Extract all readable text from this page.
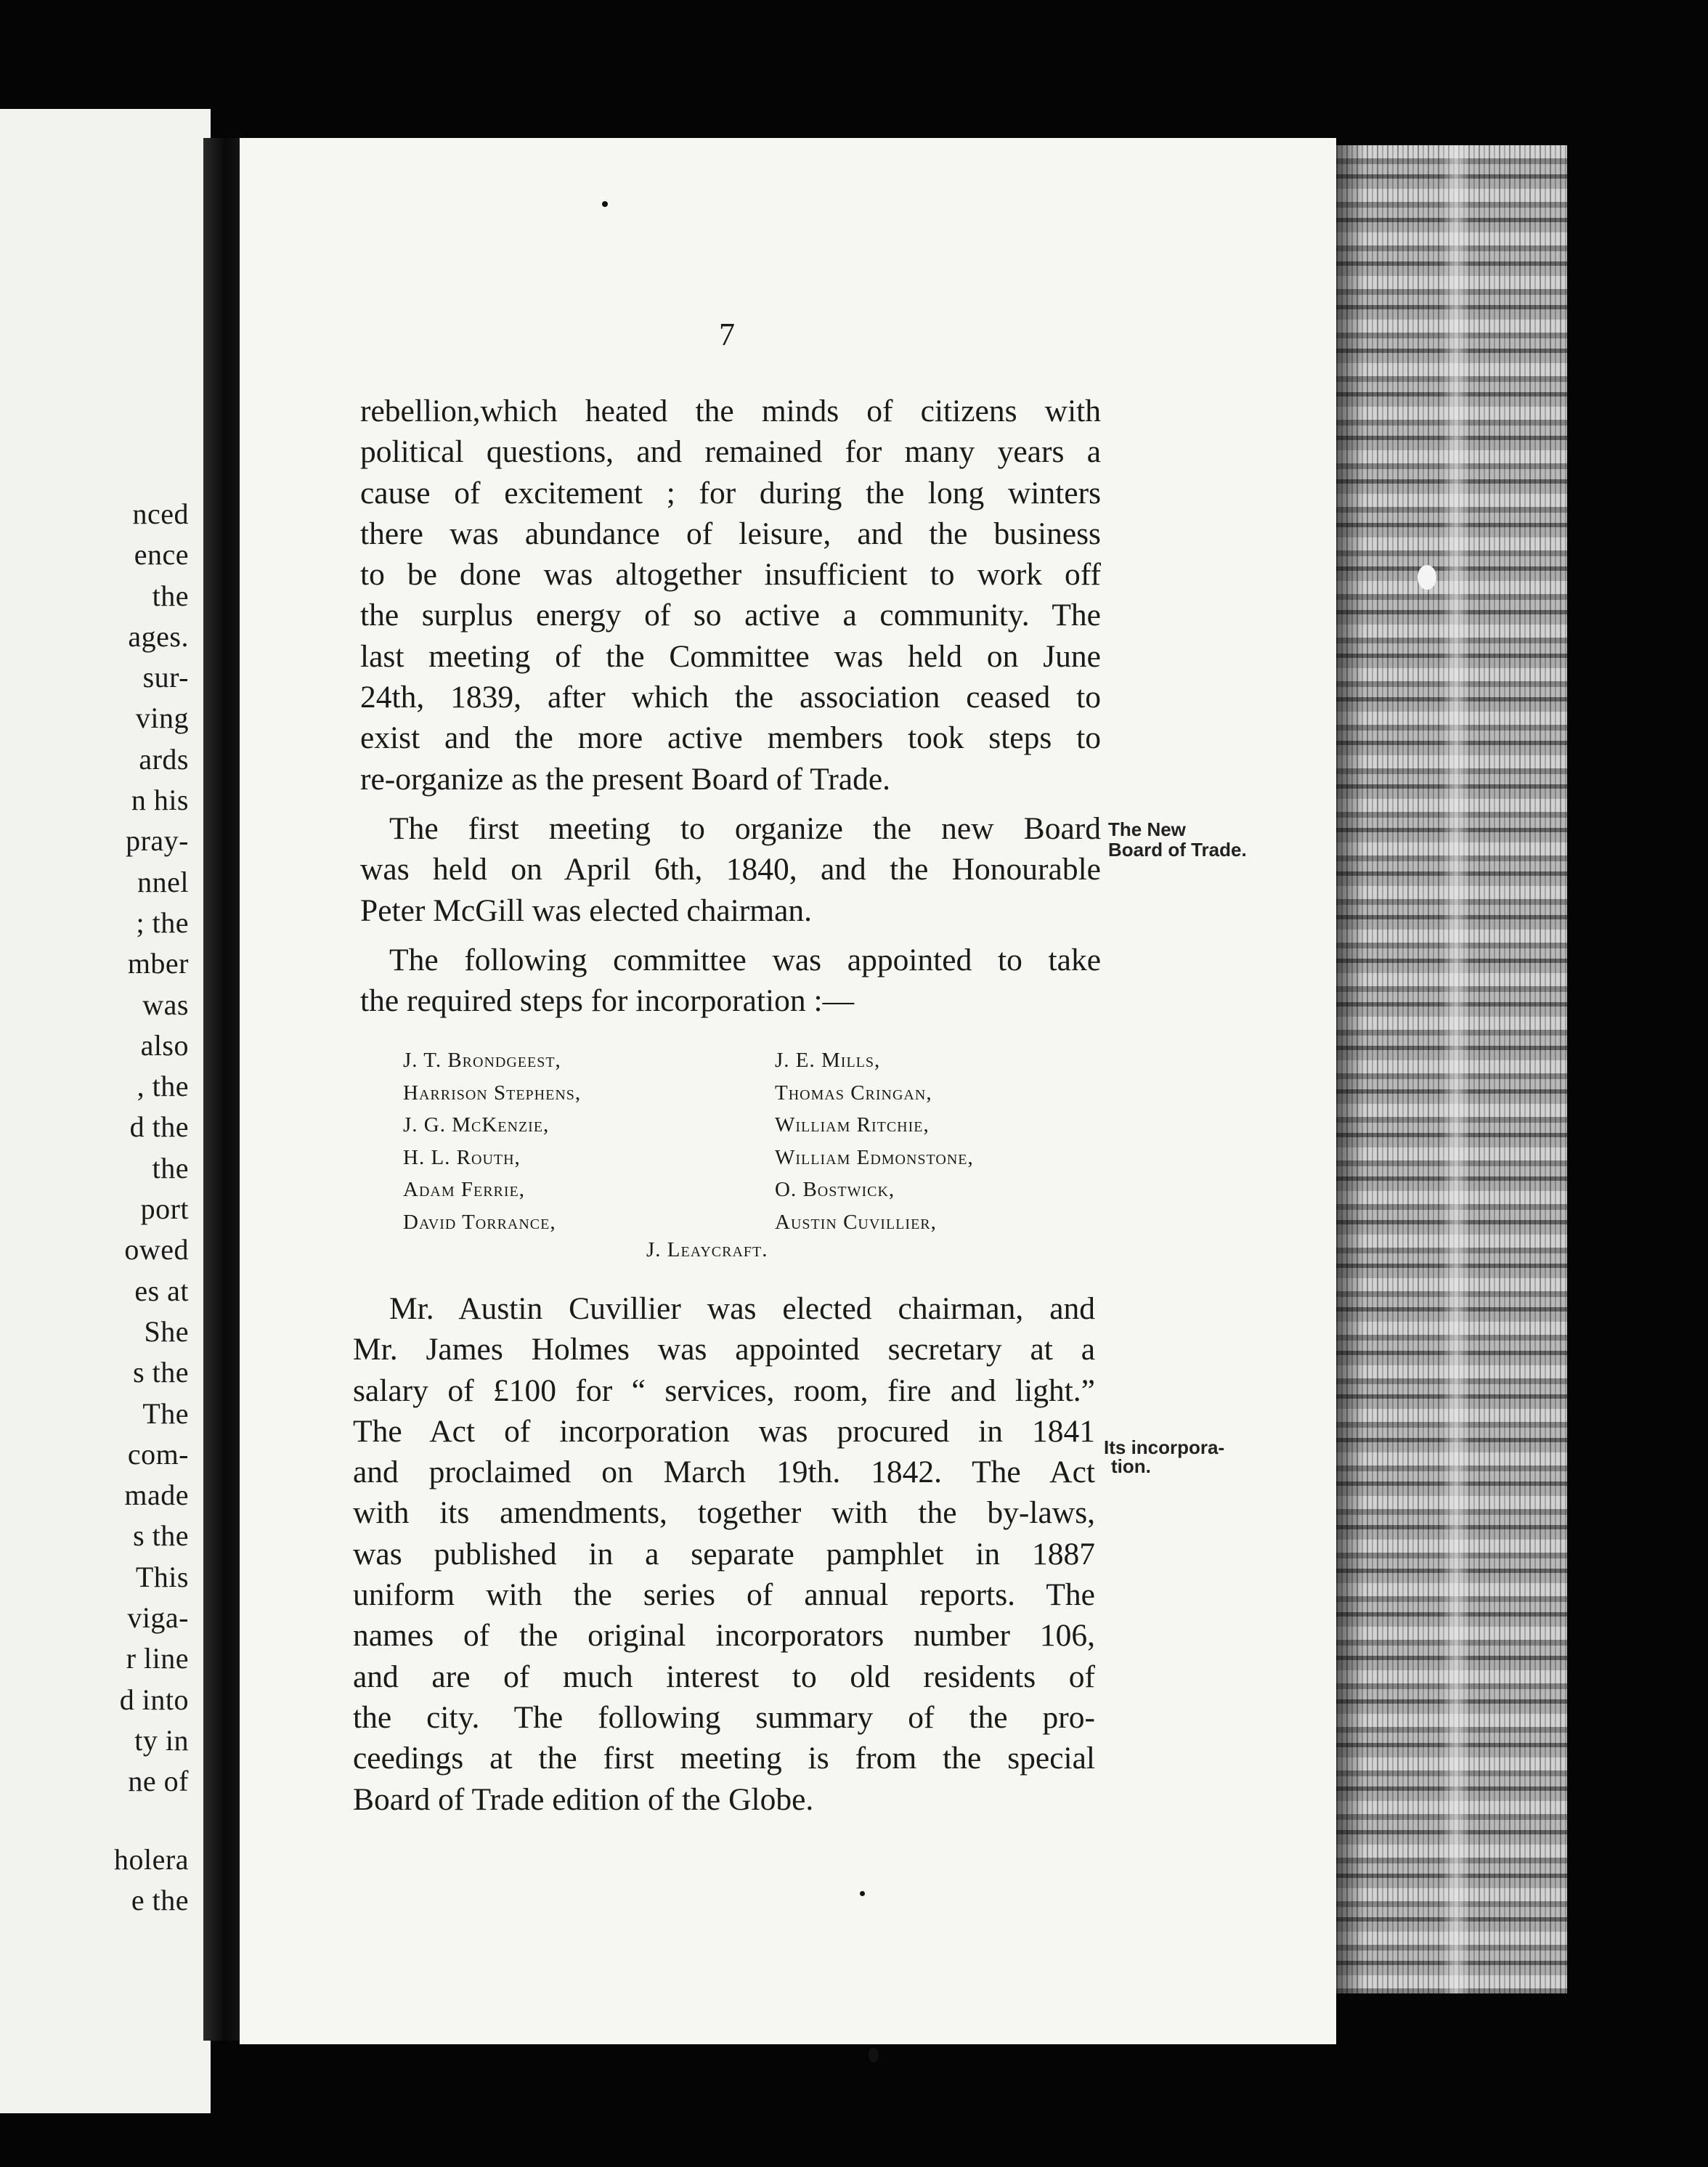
nced
ence
the
ages.
sur-
ving
ards
n his
pray-
nnel
; the
mber
was
also
, the
d the
the
port
owed
es at
She
s the
The
com-
made
s the
This
viga-
r line
d into
ty in
ne of
holera
e the
7
rebellion,which heated the minds of citizens with
political questions, and remained for many years a
cause of excitement ; for during the long winters
there was abundance of leisure, and the business
to be done was altogether insufficient to work off
the surplus energy of so active a community. The
last meeting of the Committee was held on June
24th, 1839, after which the association ceased to
exist and the more active members took steps to
re-organize as the present Board of Trade.
The first meeting to organize the new Board
was held on April 6th, 1840, and the Honourable
Peter McGill was elected chairman.
The following committee was appointed to take
the required steps for incorporation :—
J. T. Brondgeest,
Harrison Stephens,
J. G. McKenzie,
H. L. Routh,
Adam Ferrie,
David Torrance,
J. E. Mills,
Thomas Cringan,
William Ritchie,
William Edmonstone,
O. Bostwick,
Austin Cuvillier,
J. Leaycraft.
Mr. Austin Cuvillier was elected chairman, and
Mr. James Holmes was appointed secretary at a
salary of £100 for “ services, room, fire and light.”
The Act of incorporation was procured in 1841
and proclaimed on March 19th. 1842. The Act
with its amendments, together with the by-laws,
was published in a separate pamphlet in 1887
uniform with the series of annual reports. The
names of the original incorporators number 106,
and are of much interest to old residents of
the city. The following summary of the pro-
ceedings at the first meeting is from the special
Board of Trade edition of the Globe.
The New
Board of Trade.
Its incorpora-
tion.
